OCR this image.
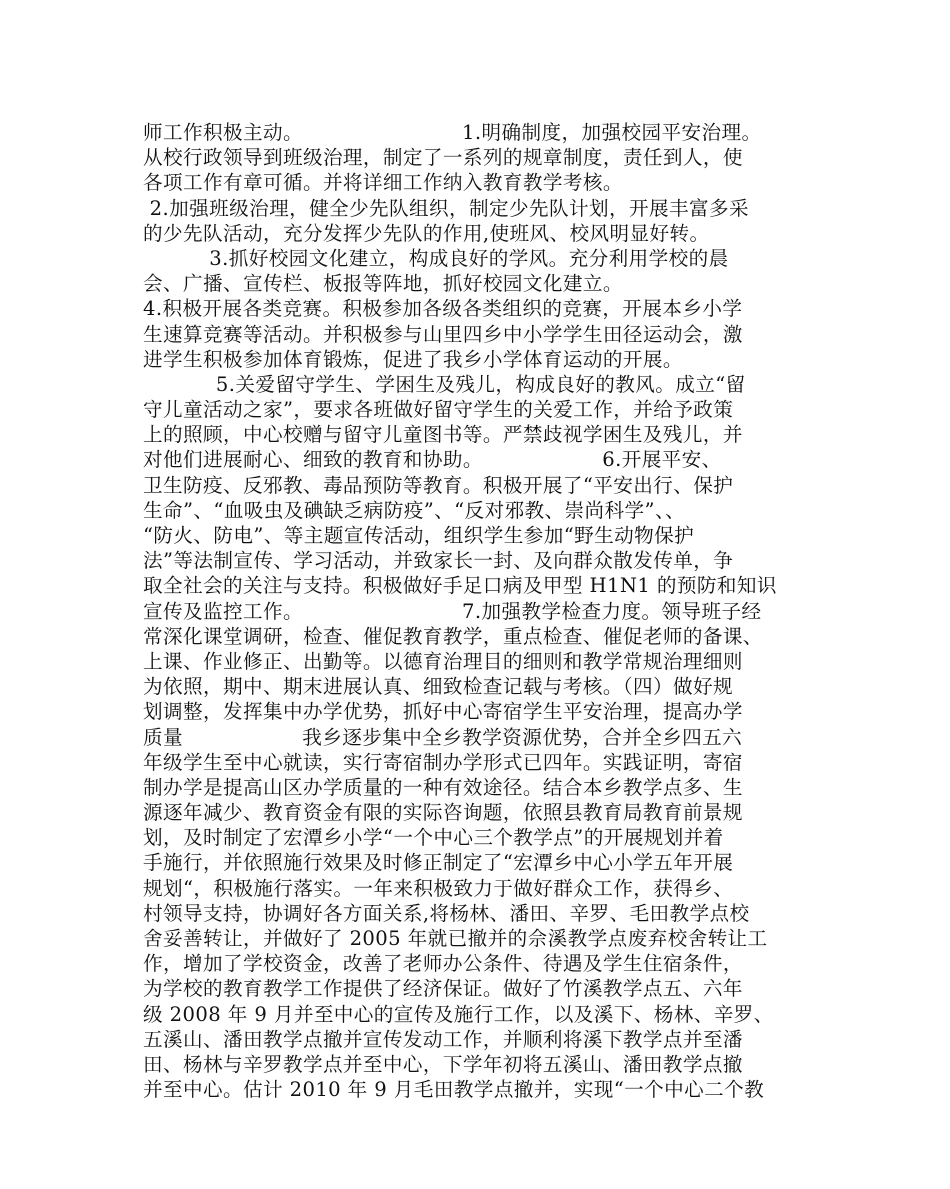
师工作积极主动。                        1.明确制度，加强校园平安治理。
从校行政领导到班级治理，制定了一系列的规章制度，责任到人，使
各项工作有章可循。并将详细工作纳入教育教学考核。
2.加强班级治理，健全少先队组织，制定少先队计划，开展丰富多采
的少先队活动，充分发挥少先队的作用,使班风、校风明显好转。
3.抓好校园文化建立，构成良好的学风。充分利用学校的晨
会、广播、宣传栏、板报等阵地，抓好校园文化建立。
4.积极开展各类竞赛。积极参加各级各类组织的竞赛，开展本乡小学
生速算竞赛等活动。并积极参与山里四乡中小学学生田径运动会，激
进学生积极参加体育锻炼，促进了我乡小学体育运动的开展。
5.关爱留守学生、学困生及残儿，构成良好的教风。成立“留
守儿童活动之家”，要求各班做好留守学生的关爱工作，并给予政策
上的照顾，中心校赠与留守儿童图书等。严禁歧视学困生及残儿，并
对他们进展耐心、细致的教育和协助。                  6.开展平安、
卫生防疫、反邪教、毒品预防等教育。积极开展了“平安出行、保护
生命”、“血吸虫及碘缺乏病防疫”、“反对邪教、崇尚科学”、、
“防火、防电”、等主题宣传活动，组织学生参加“野生动物保护
法”等法制宣传、学习活动，并致家长一封、及向群众散发传单，争
取全社会的关注与支持。积极做好手足口病及甲型 H1N1 的预防和知识
宣传及监控工作。                        7.加强教学检查力度。领导班子经
常深化课堂调研，检查、催促教育教学，重点检查、催促老师的备课、
上课、作业修正、出勤等。以德育治理目的细则和教学常规治理细则
为依照，期中、期末进展认真、细致检查记载与考核。（四）做好规
划调整，发挥集中办学优势，抓好中心寄宿学生平安治理，提高办学
质量                  我乡逐步集中全乡教学资源优势，合并全乡四五六
年级学生至中心就读，实行寄宿制办学形式已四年。实践证明，寄宿
制办学是提高山区办学质量的一种有效途径。结合本乡教学点多、生
源逐年减少、教育资金有限的实际咨询题，依照县教育局教育前景规
划，及时制定了宏潭乡小学“一个中心三个教学点”的开展规划并着
手施行，并依照施行效果及时修正制定了“宏潭乡中心小学五年开展
规划“，积极施行落实。一年来积极致力于做好群众工作，获得乡、
村领导支持，协调好各方面关系,将杨林、潘田、辛罗、毛田教学点校
舍妥善转让，并做好了 2005 年就已撤并的佘溪教学点废弃校舍转让工
作，增加了学校资金，改善了老师办公条件、待遇及学生住宿条件，
为学校的教育教学工作提供了经济保证。做好了竹溪教学点五、六年
级 2008 年 9 月并至中心的宣传及施行工作，以及溪下、杨林、辛罗、
五溪山、潘田教学点撤并宣传发动工作，并顺利将溪下教学点并至潘
田、杨林与辛罗教学点并至中心，下学年初将五溪山、潘田教学点撤
并至中心。估计 2010 年 9 月毛田教学点撤并，实现“一个中心二个教
